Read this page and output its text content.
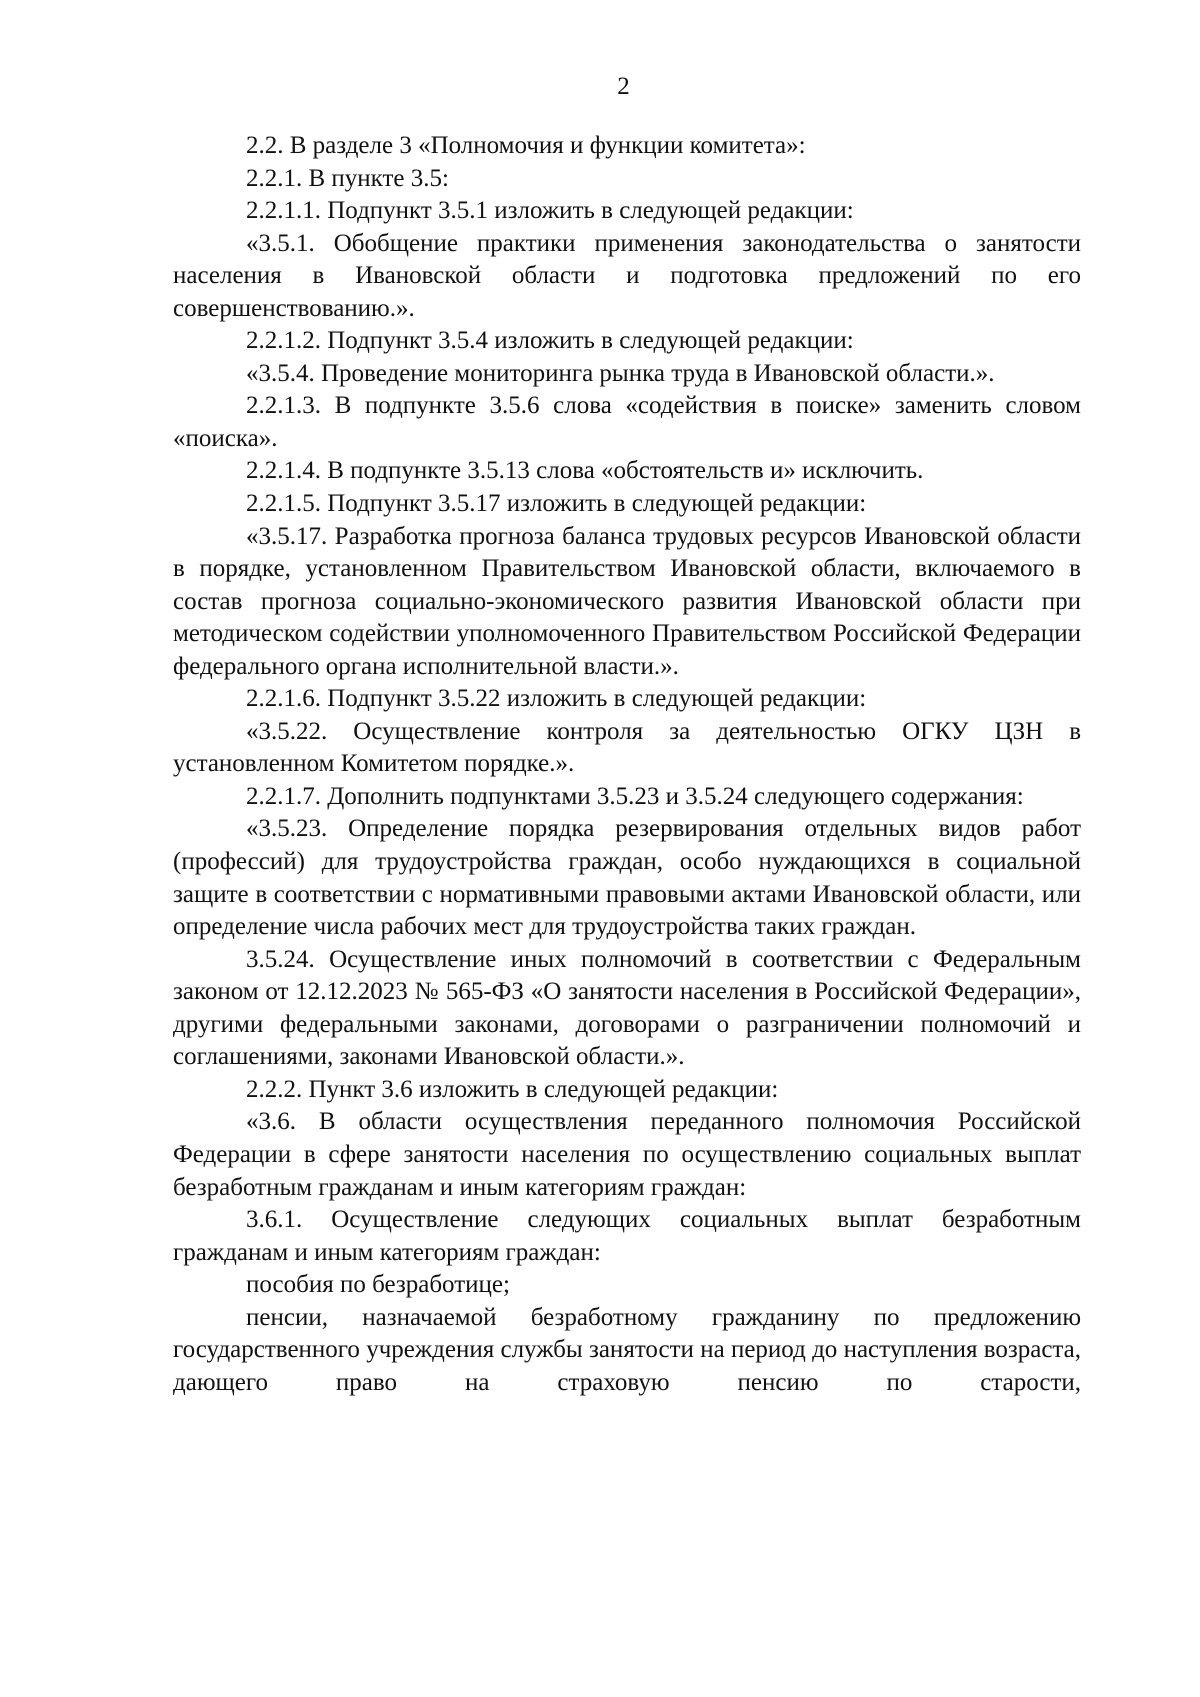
2

2.2. В разделе 3 «Полномочия и функции комитета»:

2.2.1. В пункте 3.5:

2.2.1.1. Подпункт 3.5.1 изложить в следующей редакции:

«3.5.1. Обобщение практики применения законодательства о занятости населения в Ивановской области и подготовка предложений по его совершенствованию.».

2.2.1.2. Подпункт 3.5.4 изложить в следующей редакции:

«3.5.4. Проведение мониторинга рынка труда в Ивановской области.».

2.2.1.3. В подпункте 3.5.6 слова «содействия в поиске» заменить словом «поиска».

2.2.1.4. В подпункте 3.5.13 слова «обстоятельств и» исключить.

2.2.1.5. Подпункт 3.5.17 изложить в следующей редакции:

«3.5.17. Разработка прогноза баланса трудовых ресурсов Ивановской области в порядке, установленном Правительством Ивановской области, включаемого в состав прогноза социально-экономического развития Ивановской области при методическом содействии уполномоченного Правительством Российской Федерации федерального органа исполнительной власти.».

2.2.1.6. Подпункт 3.5.22 изложить в следующей редакции:

«3.5.22. Осуществление контроля за деятельностью ОГКУ ЦЗН в установленном Комитетом порядке.».

2.2.1.7. Дополнить подпунктами 3.5.23 и 3.5.24 следующего содержания:

«3.5.23. Определение порядка резервирования отдельных видов работ (профессий) для трудоустройства граждан, особо нуждающихся в социальной защите в соответствии с нормативными правовыми актами Ивановской области, или определение числа рабочих мест для трудоустройства таких граждан.

3.5.24. Осуществление иных полномочий в соответствии с Федеральным законом от 12.12.2023 № 565-ФЗ «О занятости населения в Российской Федерации», другими федеральными законами, договорами о разграничении полномочий и соглашениями, законами Ивановской области.».

2.2.2. Пункт 3.6 изложить в следующей редакции:

«3.6. В области осуществления переданного полномочия Российской Федерации в сфере занятости населения по осуществлению социальных выплат безработным гражданам и иным категориям граждан:

3.6.1. Осуществление следующих социальных выплат безработным гражданам и иным категориям граждан:

пособия по безработице;

пенсии, назначаемой безработному гражданину по предложению государственного учреждения службы занятости на период до наступления возраста, дающего право на страховую пенсию по старости,
